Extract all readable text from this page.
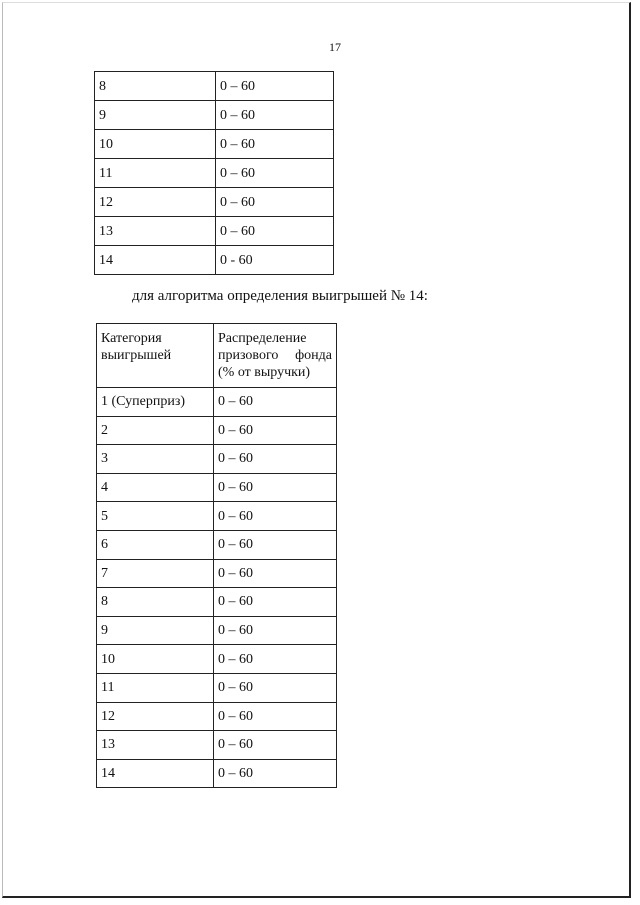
17
8	0 – 60
9	0 – 60
10	0 – 60
11	0 – 60
12	0 – 60
13	0 – 60
14	0 - 60
для алгоритма определения выигрышей № 14:
Категория выигрышей	Распределение призового фонда (% от выручки)
1 (Суперприз)	0 – 60
2	0 – 60
3	0 – 60
4	0 – 60
5	0 – 60
6	0 – 60
7	0 – 60
8	0 – 60
9	0 – 60
10	0 – 60
11	0 – 60
12	0 – 60
13	0 – 60
14	0 – 60
